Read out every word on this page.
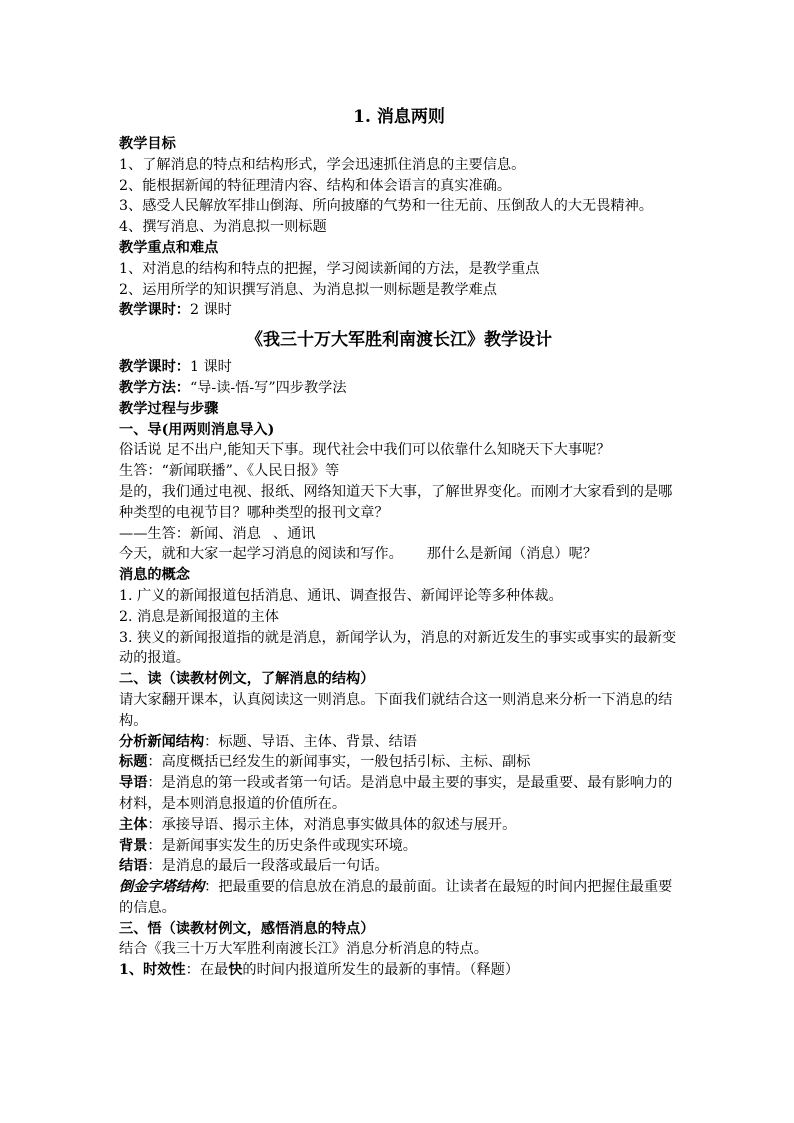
1. 消息两则
教学目标
1、了解消息的特点和结构形式，学会迅速抓住消息的主要信息。
2、能根据新闻的特征理清内容、结构和体会语言的真实准确。
3、感受人民解放军排山倒海、所向披靡的气势和一往无前、压倒敌人的大无畏精神。
4、撰写消息、为消息拟一则标题
教学重点和难点
1、对消息的结构和特点的把握，学习阅读新闻的方法，是教学重点
2、运用所学的知识撰写消息、为消息拟一则标题是教学难点
教学课时：2 课时
《我三十万大军胜利南渡长江》教学设计
教学课时：1 课时
教学方法：“导-读-悟-写”四步教学法
教学过程与步骤
一、导(用两则消息导入)
俗话说 足不出户,能知天下事。现代社会中我们可以依靠什么知晓天下大事呢？
生答：“新闻联播”、《人民日报》等
是的，我们通过电视、报纸、网络知道天下大事，了解世界变化。而刚才大家看到的是哪种类型的电视节目？哪种类型的报刊文章？
——生答：新闻、消息 、通讯
今天，就和大家一起学习消息的阅读和写作。 那什么是新闻（消息）呢？
消息的概念
1. 广义的新闻报道包括消息、通讯、调查报告、新闻评论等多种体裁。
2. 消息是新闻报道的主体
3. 狭义的新闻报道指的就是消息，新闻学认为，消息的对新近发生的事实或事实的最新变动的报道。
二、读（读教材例文，了解消息的结构）
请大家翻开课本，认真阅读这一则消息。下面我们就结合这一则消息来分析一下消息的结构。
分析新闻结构：标题、导语、主体、背景、结语
标题：高度概括已经发生的新闻事实，一般包括引标、主标、副标
导语：是消息的第一段或者第一句话。是消息中最主要的事实，是最重要、最有影响力的材料，是本则消息报道的价值所在。
主体：承接导语、揭示主体，对消息事实做具体的叙述与展开。
背景：是新闻事实发生的历史条件或现实环境。
结语：是消息的最后一段落或最后一句话。
倒金字塔结构：把最重要的信息放在消息的最前面。让读者在最短的时间内把握住最重要的信息。
三、悟（读教材例文，感悟消息的特点）
结合《我三十万大军胜利南渡长江》消息分析消息的特点。
1、时效性：在最快的时间内报道所发生的最新的事情。（释题）
